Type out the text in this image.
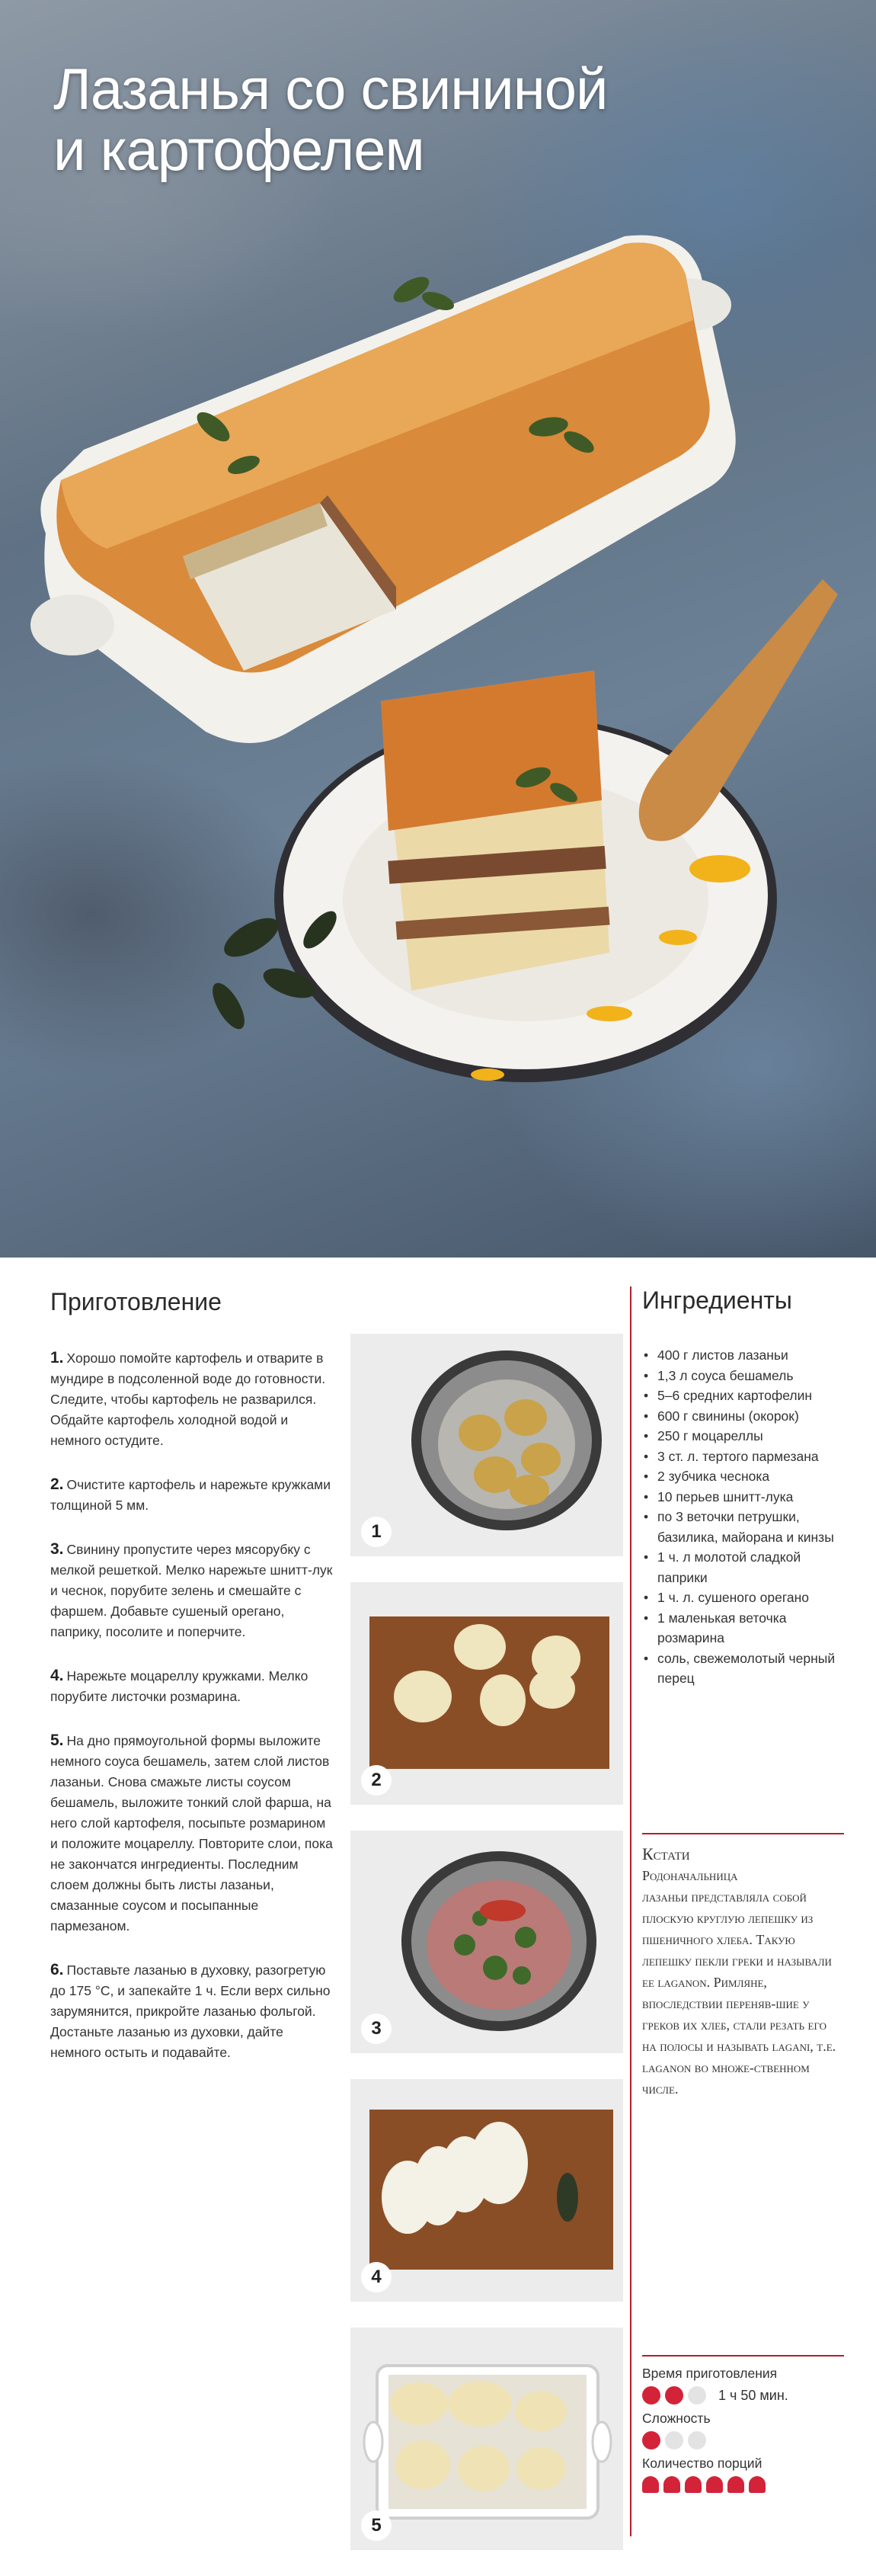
Лазанья со свининой
и картофелем
Приготовление

1. Хорошо помойте картофель и отварите в мундире в подсоленной воде до готовности. Следите, чтобы картофель не разварился. Обдайте картофель холодной водой и немного остудите.

2. Очистите картофель и нарежьте кружками толщиной 5 мм.

3. Свинину пропустите через мясорубку с мелкой решеткой. Мелко нарежьте шнитт-лук и чеснок, порубите зелень и смешайте с фаршем. Добавьте сушеный орегано, паприку, посолите и поперчите.

4. Нарежьте моцареллу кружками. Мелко порубите листочки розмарина.

5. На дно прямоугольной формы выложите немного соуса бешамель, затем слой листов лазаньи. Снова смажьте листы соусом бешамель, выложите тонкий слой фарша, на него слой картофеля, посыпьте розмарином и положите моцареллу. Повторите слои, пока не закончатся ингредиенты. Последним слоем должны быть листы лазаньи, смазанные соусом и посыпанные пармезаном.

6. Поставьте лазанью в духовку, разогретую до 175 °С, и запекайте 1 ч. Если верх сильно зарумянится, прикройте лазанью фольгой. Достаньте лазанью из духовки, дайте немного остыть и подавайте.

1
2
3
4
5
Ингредиенты
• 400 г листов лазаньи
• 1,3 л соуса бешамель
• 5–6 средних картофелин
• 600 г свинины (окорок)
• 250 г моцареллы
• 3 ст. л. тертого пармезана
• 2 зубчика чеснока
• 10 перьев шнитт-лука
• по 3 веточки петрушки, базилика, майорана и кинзы
• 1 ч. л молотой сладкой паприки
• 1 ч. л. сушеного орегано
• 1 маленькая веточка розмарина
• соль, свежемолотый черный перец
Кстати
Родоначальница
лазаньи представляла собой плоскую круглую лепешку из пшеничного хлеба. Такую лепешку пекли греки и называли ее laganon. Римляне, впоследствии переняв-шие у греков их хлеб, стали резать его на полосы и называть lagani, т.е. laganon во множе-ственном числе.
Время приготовления
1 ч 50 мин.
Сложность
Количество порций
